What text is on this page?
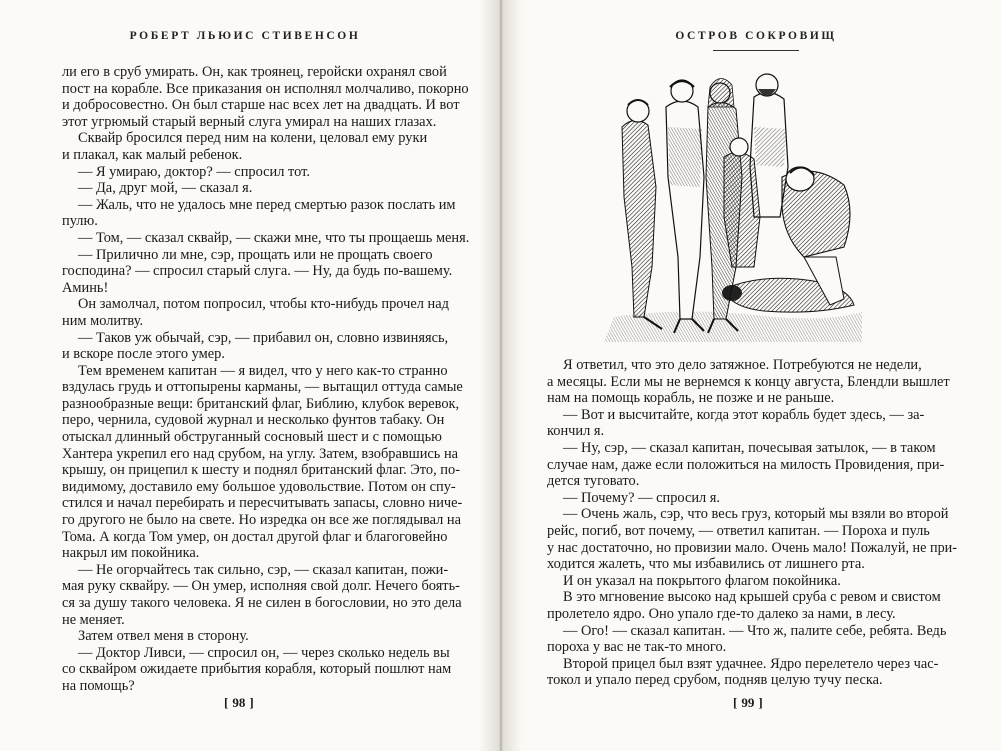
РОБЕРТ ЛЬЮИС СТИВЕНСОН
ли его в сруб умирать. Он, как троянец, геройски охранял свой
пост на корабле. Все приказания он исполнял молчаливо, покорно
и добросовестно. Он был старше нас всех лет на двадцать. И вот
этот угрюмый старый верный слуга умирал на наших глазах.
Сквайр бросился перед ним на колени, целовал ему руки
и плакал, как малый ребенок.
— Я умираю, доктор? — спросил тот.
— Да, друг мой, — сказал я.
— Жаль, что не удалось мне перед смертью разок послать им
пулю.
— Том, — сказал сквайр, — скажи мне, что ты прощаешь меня.
— Прилично ли мне, сэр, прощать или не прощать своего
господина? — спросил старый слуга. — Ну, да будь по-вашему.
Аминь!
Он замолчал, потом попросил, чтобы кто-нибудь прочел над
ним молитву.
— Таков уж обычай, сэр, — прибавил он, словно извиняясь,
и вскоре после этого умер.
Тем временем капитан — я видел, что у него как-то странно
вздулась грудь и оттопырены карманы, — вытащил оттуда самые
разнообразные вещи: британский флаг, Библию, клубок веревок,
перо, чернила, судовой журнал и несколько фунтов табаку. Он
отыскал длинный обструганный сосновый шест и с помощью
Хантера укрепил его над срубом, на углу. Затем, взобравшись на
крышу, он прицепил к шесту и поднял британский флаг. Это, по-
видимому, доставило ему большое удовольствие. Потом он спу-
стился и начал перебирать и пересчитывать запасы, словно ниче-
го другого не было на свете. Но изредка он все же поглядывал на
Тома. А когда Том умер, он достал другой флаг и благоговейно
накрыл им покойника.
— Не огорчайтесь так сильно, сэр, — сказал капитан, пожи-
мая руку сквайру. — Он умер, исполняя свой долг. Нечего боять-
ся за душу такого человека. Я не силен в богословии, но это дела
не меняет.
Затем отвел меня в сторону.
— Доктор Ливси, — спросил он, — через сколько недель вы
со сквайром ожидаете прибытия корабля, который пошлют нам
на помощь?
[ 98 ]
ОСТРОВ СОКРОВИЩ
Я ответил, что это дело затяжное. Потребуются не недели,
а месяцы. Если мы не вернемся к концу августа, Блендли вышлет
нам на помощь корабль, не позже и не раньше.
— Вот и высчитайте, когда этот корабль будет здесь, — за-
кончил я.
— Ну, сэр, — сказал капитан, почесывая затылок, — в таком
случае нам, даже если положиться на милость Провидения, при-
дется туговато.
— Почему? — спросил я.
— Очень жаль, сэр, что весь груз, который мы взяли во второй
рейс, погиб, вот почему, — ответил капитан. — Пороха и пуль
у нас достаточно, но провизии мало. Очень мало! Пожалуй, не при-
ходится жалеть, что мы избавились от лишнего рта.
И он указал на покрытого флагом покойника.
В это мгновение высоко над крышей сруба с ревом и свистом
пролетело ядро. Оно упало где-то далеко за нами, в лесу.
— Ого! — сказал капитан. — Что ж, палите себе, ребята. Ведь
пороха у вас не так-то много.
Второй прицел был взят удачнее. Ядро перелетело через час-
токол и упало перед срубом, подняв целую тучу песка.
[ 99 ]
